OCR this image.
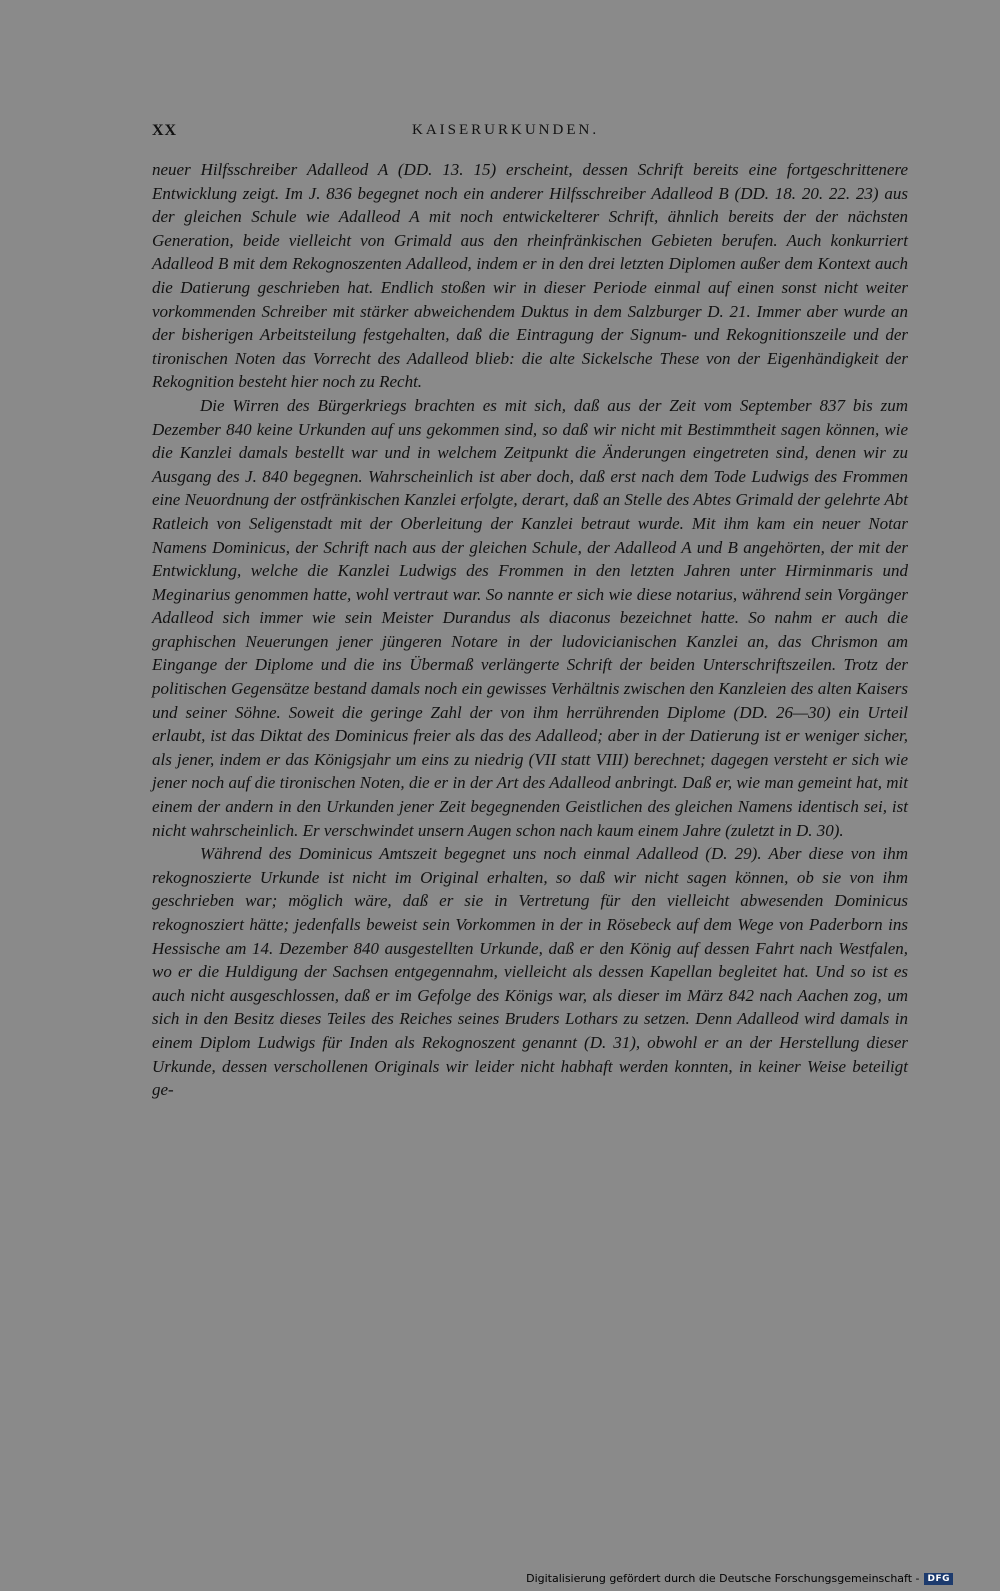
XX	KAISERURKUNDEN.

neuer Hilfsschreiber Adalleod A (DD. 13. 15) erscheint, dessen Schrift bereits eine fortgeschrittenere Entwicklung zeigt. Im J. 836 begegnet noch ein anderer Hilfsschreiber Adalleod B (DD. 18. 20. 22. 23) aus der gleichen Schule wie Adalleod A mit noch entwickelterer Schrift, ähnlich bereits der der nächsten Generation, beide vielleicht von Grimald aus den rheinfränkischen Gebieten berufen. Auch konkurriert Adalleod B mit dem Rekognoszenten Adalleod, indem er in den drei letzten Diplomen außer dem Kontext auch die Datierung geschrieben hat. Endlich stoßen wir in dieser Periode einmal auf einen sonst nicht weiter vorkommenden Schreiber mit stärker abweichendem Duktus in dem Salzburger D. 21. Immer aber wurde an der bisherigen Arbeitsteilung festgehalten, daß die Eintragung der Signum- und Rekognitionszeile und der tironischen Noten das Vorrecht des Adalleod blieb: die alte Sickelsche These von der Eigenhändigkeit der Rekognition besteht hier noch zu Recht.

Die Wirren des Bürgerkriegs brachten es mit sich, daß aus der Zeit vom September 837 bis zum Dezember 840 keine Urkunden auf uns gekommen sind, so daß wir nicht mit Bestimmtheit sagen können, wie die Kanzlei damals bestellt war und in welchem Zeitpunkt die Änderungen eingetreten sind, denen wir zu Ausgang des J. 840 begegnen. Wahrscheinlich ist aber doch, daß erst nach dem Tode Ludwigs des Frommen eine Neuordnung der ostfränkischen Kanzlei erfolgte, derart, daß an Stelle des Abtes Grimald der gelehrte Abt Ratleich von Seligenstadt mit der Oberleitung der Kanzlei betraut wurde. Mit ihm kam ein neuer Notar Namens Dominicus, der Schrift nach aus der gleichen Schule, der Adalleod A und B angehörten, der mit der Entwicklung, welche die Kanzlei Ludwigs des Frommen in den letzten Jahren unter Hirminmaris und Meginarius genommen hatte, wohl vertraut war. So nannte er sich wie diese notarius, während sein Vorgänger Adalleod sich immer wie sein Meister Durandus als diaconus bezeichnet hatte. So nahm er auch die graphischen Neuerungen jener jüngeren Notare in der ludovicianischen Kanzlei an, das Chrismon am Eingange der Diplome und die ins Übermaß verlängerte Schrift der beiden Unterschriftszeilen. Trotz der politischen Gegensätze bestand damals noch ein gewisses Verhältnis zwischen den Kanzleien des alten Kaisers und seiner Söhne. Soweit die geringe Zahl der von ihm herrührenden Diplome (DD. 26—30) ein Urteil erlaubt, ist das Diktat des Dominicus freier als das des Adalleod; aber in der Datierung ist er weniger sicher, als jener, indem er das Königsjahr um eins zu niedrig (VII statt VIII) berechnet; dagegen versteht er sich wie jener noch auf die tironischen Noten, die er in der Art des Adalleod anbringt. Daß er, wie man gemeint hat, mit einem der andern in den Urkunden jener Zeit begegnenden Geistlichen des gleichen Namens identisch sei, ist nicht wahrscheinlich. Er verschwindet unsern Augen schon nach kaum einem Jahre (zuletzt in D. 30).

Während des Dominicus Amtszeit begegnet uns noch einmal Adalleod (D. 29). Aber diese von ihm rekognoszierte Urkunde ist nicht im Original erhalten, so daß wir nicht sagen können, ob sie von ihm geschrieben war; möglich wäre, daß er sie in Vertretung für den vielleicht abwesenden Dominicus rekognosziert hätte; jedenfalls beweist sein Vorkommen in der in Rösebeck auf dem Wege von Paderborn ins Hessische am 14. Dezember 840 ausgestellten Urkunde, daß er den König auf dessen Fahrt nach Westfalen, wo er die Huldigung der Sachsen entgegennahm, vielleicht als dessen Kapellan begleitet hat. Und so ist es auch nicht ausgeschlossen, daß er im Gefolge des Königs war, als dieser im März 842 nach Aachen zog, um sich in den Besitz dieses Teiles des Reiches seines Bruders Lothars zu setzen. Denn Adalleod wird damals in einem Diplom Ludwigs für Inden als Rekognoszent genannt (D. 31), obwohl er an der Herstellung dieser Urkunde, dessen verschollenen Originals wir leider nicht habhaft werden konnten, in keiner Weise beteiligt ge-

Digitalisierung gefördert durch die Deutsche Forschungsgemeinschaft - DFG
